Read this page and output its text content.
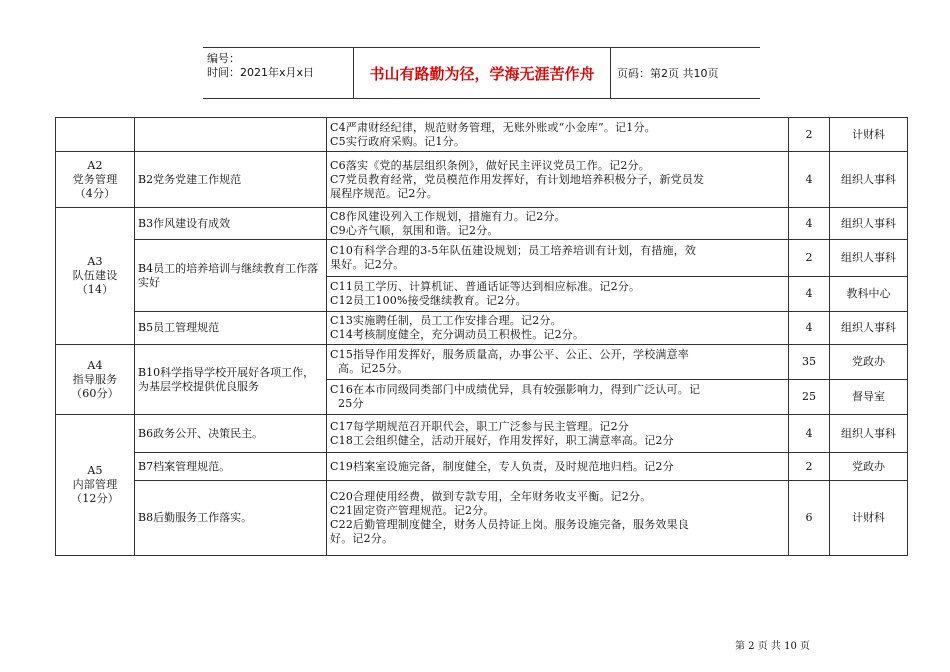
编号：
时间：2021年x月x日	书山有路勤为径，学海无涯苦作舟	页码：第2页 共10页

		C4严肃财经纪律，规范财务管理，无账外账或“小金库”。记1分。
C5实行政府采购。记1分。	2	计财科

A2
党务管理
（4分）	B2党务党建工作规范	C6落实《党的基层组织条例》，做好民主评议党员工作。记2分。
C7党员教育经常，党员模范作用发挥好，有计划地培养积极分子，新党员发
展程序规范。记2分。	4	组织人事科

A3
队伍建设
（14）	B3作风建设有成效	C8作风建设列入工作规划，措施有力。记2分。
C9心齐气顺，氛围和谐。记2分。	4	组织人事科

	B4员工的培养培训与继续教育工作落实好	C10有科学合理的3-5年队伍建设规划；员工培养培训有计划，有措施，效
果好。记2分。	2	组织人事科

		C11员工学历、计算机证、普通话证等达到相应标准。记2分。
C12员工100%接受继续教育。记2分。	4	教科中心
	B5员工管理规范	C13实施聘任制，员工工作安排合理。记2分。
C14考核制度健全，充分调动员工积极性。记2分。	4	组织人事科

A4
指导服务
（60分）	B10科学指导学校开展好各项工作，为基层学校提供优良服务	C15指导作用发挥好，服务质量高，办事公平、公正、公开，学校满意率
高。记25分。	35	党政办

		C16在本市同级同类部门中成绩优异，具有较强影响力，得到广泛认可。记
25分	25	督导室

A5
内部管理
（12分）	B6政务公开、决策民主。	C17每学期规范召开职代会，职工广泛参与民主管理。记2分
C18工会组织健全，活动开展好，作用发挥好，职工满意率高。记2分	4	组织人事科
	B7档案管理规范。	C19档案室设施完备，制度健全，专人负责，及时规范地归档。记2分	2	党政办
	B8后勤服务工作落实。	C20合理使用经费，做到专款专用，全年财务收支平衡。记2分。
C21固定资产管理规范。记2分。
C22后勤管理制度健全，财务人员持证上岗。服务设施完备，服务效果良
好。记2分。	6	计财科
第 2 页 共 10 页
